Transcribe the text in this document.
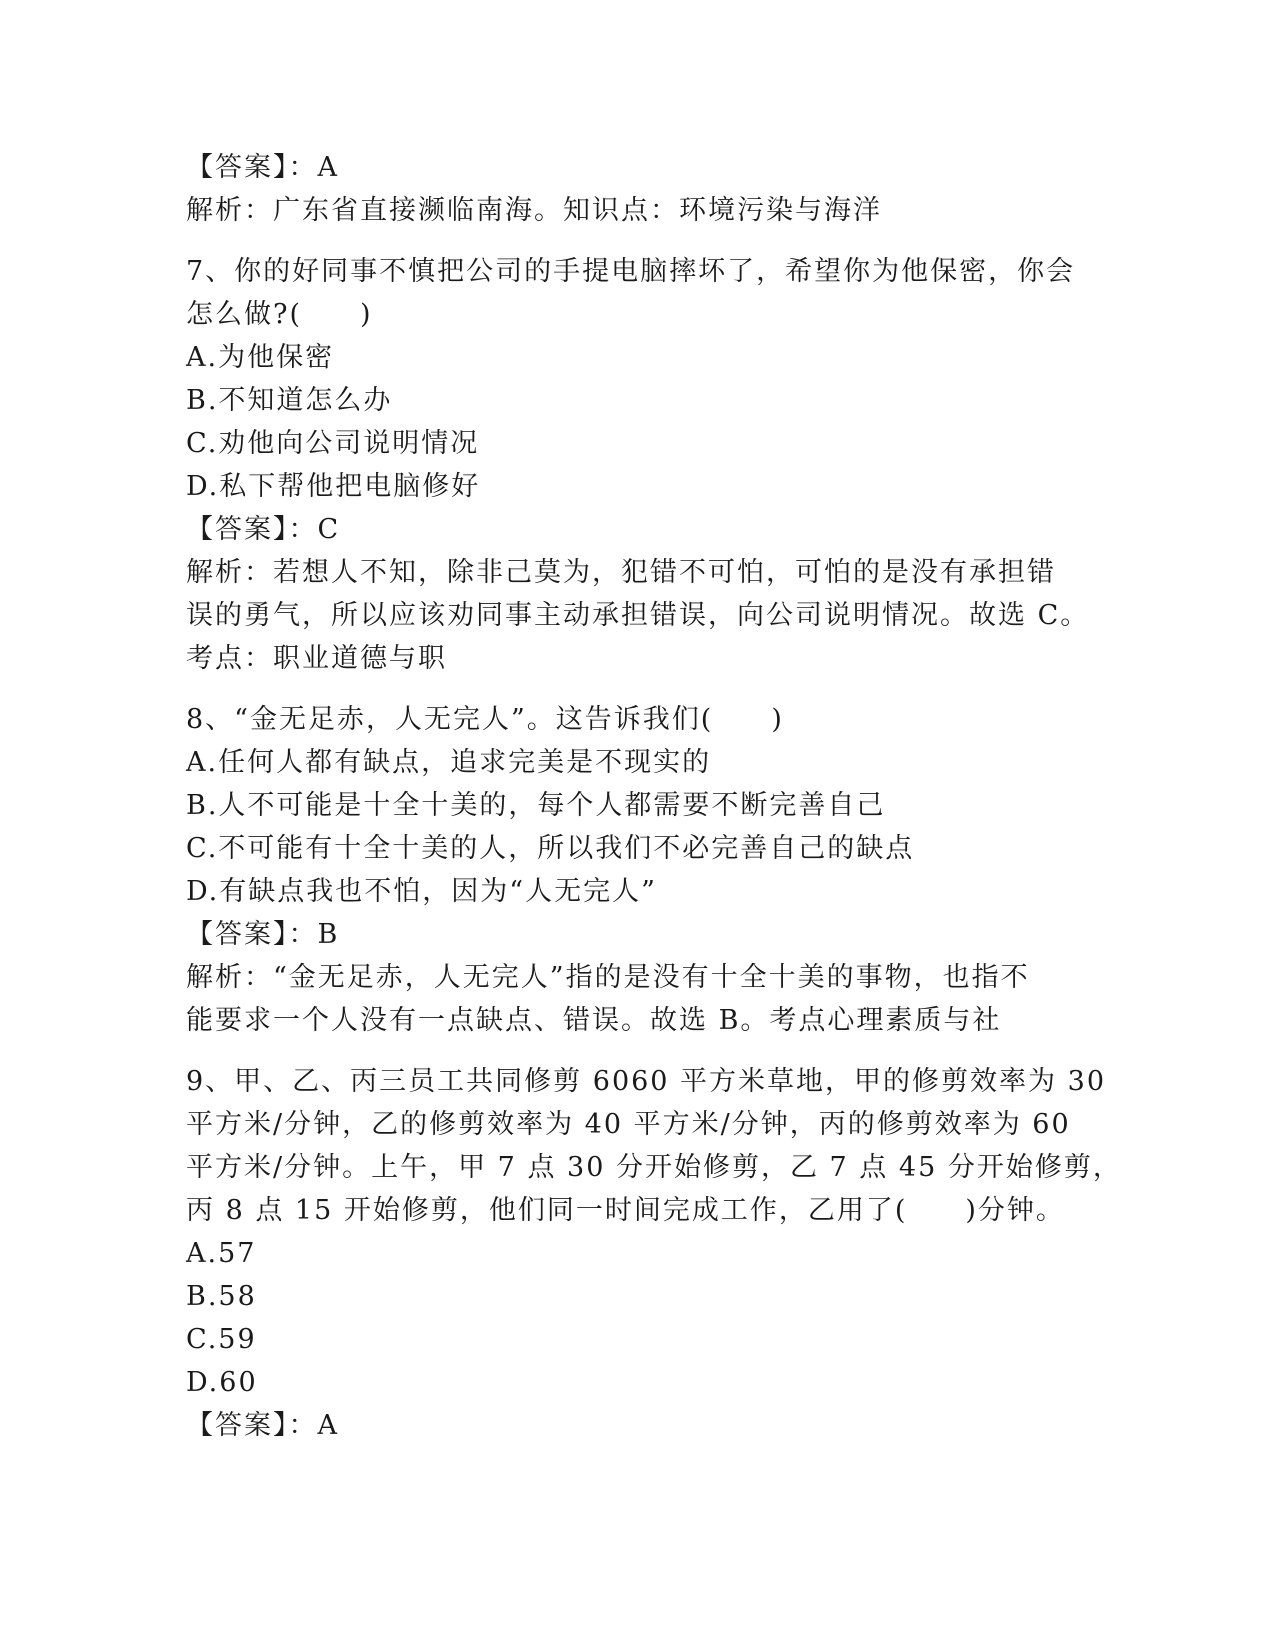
【答案】：A
解析：广东省直接濒临南海。知识点：环境污染与海洋
7、你的好同事不慎把公司的手提电脑摔坏了，希望你为他保密，你会
怎么做?(　　)
A.为他保密
B.不知道怎么办
C.劝他向公司说明情况
D.私下帮他把电脑修好
【答案】：C
解析：若想人不知，除非己莫为，犯错不可怕，可怕的是没有承担错
误的勇气，所以应该劝同事主动承担错误，向公司说明情况。故选 C。
考点：职业道德与职
8、“金无足赤，人无完人”。这告诉我们(　　)
A.任何人都有缺点，追求完美是不现实的
B.人不可能是十全十美的，每个人都需要不断完善自己
C.不可能有十全十美的人，所以我们不必完善自己的缺点
D.有缺点我也不怕，因为“人无完人”
【答案】：B
解析：“金无足赤，人无完人”指的是没有十全十美的事物，也指不
能要求一个人没有一点缺点、错误。故选 B。考点心理素质与社
9、甲、乙、丙三员工共同修剪 6060 平方米草地，甲的修剪效率为 30
平方米/分钟，乙的修剪效率为 40 平方米/分钟，丙的修剪效率为 60
平方米/分钟。上午，甲 7 点 30 分开始修剪，乙 7 点 45 分开始修剪，
丙 8 点 15 开始修剪，他们同一时间完成工作，乙用了(　　)分钟。
A.57
B.58
C.59
D.60
【答案】：A
